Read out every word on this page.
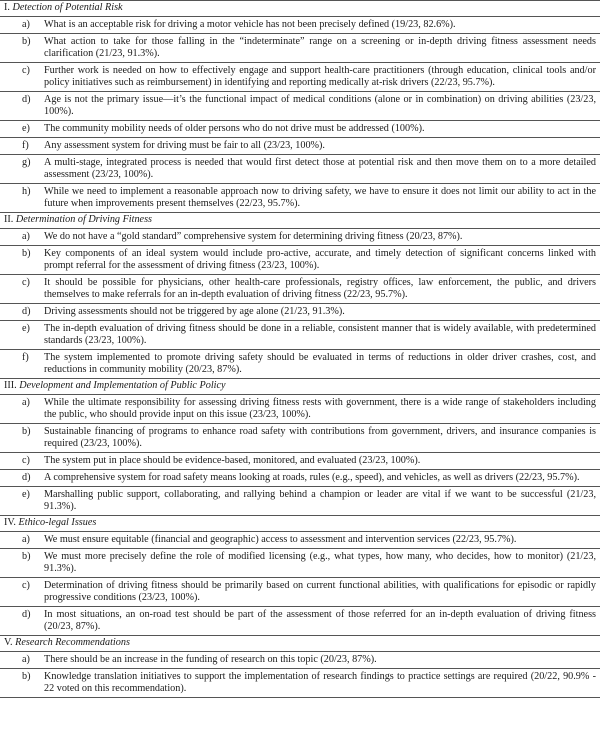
I. Detection of Potential Risk
a)	What is an acceptable risk for driving a motor vehicle has not been precisely defined (19/23, 82.6%).
b)	What action to take for those falling in the “indeterminate” range on a screening or in-depth driving fitness assessment needs clarification (21/23, 91.3%).
c)	Further work is needed on how to effectively engage and support health-care practitioners (through education, clinical tools and/or policy initiatives such as reimbursement) in identifying and reporting medically at-risk drivers (22/23, 95.7%).
d)	Age is not the primary issue—it’s the functional impact of medical conditions (alone or in combination) on driving abilities (23/23, 100%).
e)	The community mobility needs of older persons who do not drive must be addressed (100%).
f)	Any assessment system for driving must be fair to all (23/23, 100%).
g)	A multi-stage, integrated process is needed that would first detect those at potential risk and then move them on to a more detailed assessment (23/23, 100%).
h)	While we need to implement a reasonable approach now to driving safety, we have to ensure it does not limit our ability to act in the future when improvements present themselves (22/23, 95.7%).
II. Determination of Driving Fitness
a)	We do not have a “gold standard” comprehensive system for determining driving fitness (20/23, 87%).
b)	Key components of an ideal system would include pro-active, accurate, and timely detection of significant concerns linked with prompt referral for the assessment of driving fitness (23/23, 100%).
c)	It should be possible for physicians, other health-care professionals, registry offices, law enforcement, the public, and drivers themselves to make referrals for an in-depth evaluation of driving fitness (22/23, 95.7%).
d)	Driving assessments should not be triggered by age alone (21/23, 91.3%).
e)	The in-depth evaluation of driving fitness should be done in a reliable, consistent manner that is widely available, with predetermined standards (23/23, 100%).
f)	The system implemented to promote driving safety should be evaluated in terms of reductions in older driver crashes, cost, and reductions in community mobility (20/23, 87%).
III. Development and Implementation of Public Policy
a)	While the ultimate responsibility for assessing driving fitness rests with government, there is a wide range of stakeholders including the public, who should provide input on this issue (23/23, 100%).
b)	Sustainable financing of programs to enhance road safety with contributions from government, drivers, and insurance companies is required (23/23, 100%).
c)	The system put in place should be evidence-based, monitored, and evaluated (23/23, 100%).
d)	A comprehensive system for road safety means looking at roads, rules (e.g., speed), and vehicles, as well as drivers (22/23, 95.7%).
e)	Marshalling public support, collaborating, and rallying behind a champion or leader are vital if we want to be successful (21/23, 91.3%).
IV. Ethico-legal Issues
a)	We must ensure equitable (financial and geographic) access to assessment and intervention services (22/23, 95.7%).
b)	We must more precisely define the role of modified licensing (e.g., what types, how many, who decides, how to monitor) (21/23, 91.3%).
c)	Determination of driving fitness should be primarily based on current functional abilities, with qualifications for episodic or rapidly progressive conditions (23/23, 100%).
d)	In most situations, an on-road test should be part of the assessment of those referred for an in-depth evaluation of driving fitness (20/23, 87%).
V. Research Recommendations
a)	There should be an increase in the funding of research on this topic (20/23, 87%).
b)	Knowledge translation initiatives to support the implementation of research findings to practice settings are required (20/22, 90.9% - 22 voted on this recommendation).
